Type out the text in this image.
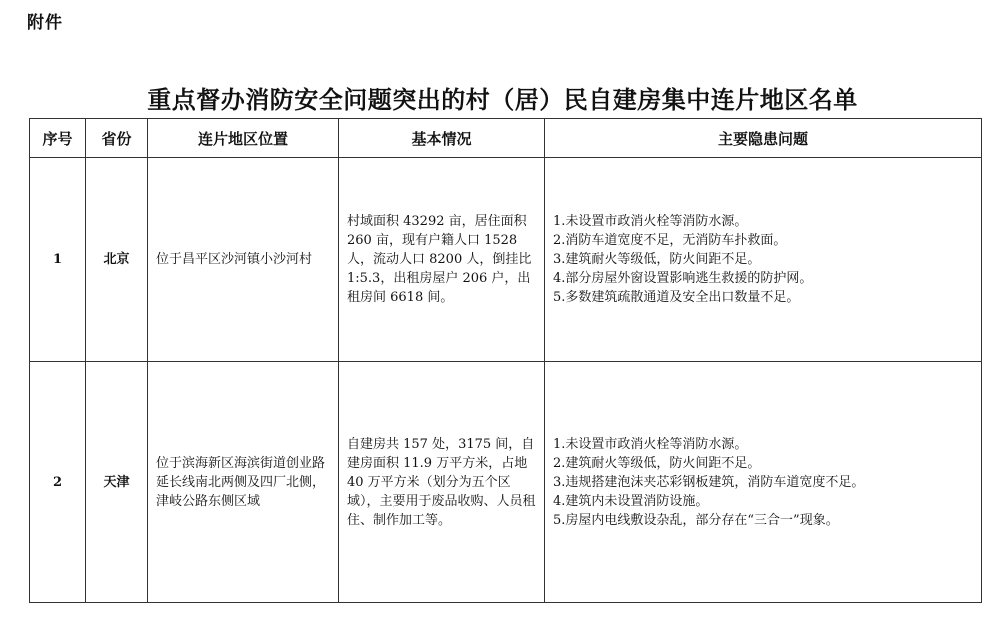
附件
重点督办消防安全问题突出的村（居）民自建房集中连片地区名单
序号	省份	连片地区位置	基本情况	主要隐患问题
1	北京	位于昌平区沙河镇小沙河村	村域面积 43292 亩，居住面积 260 亩，现有户籍人口 1528 人，流动人口 8200 人，倒挂比 1:5.3，出租房屋户 206 户，出租房间 6618 间。	1.未设置市政消火栓等消防水源。
2.消防车道宽度不足，无消防车扑救面。
3.建筑耐火等级低，防火间距不足。
4.部分房屋外窗设置影响逃生救援的防护网。
5.多数建筑疏散通道及安全出口数量不足。

2	天津	位于滨海新区海滨街道创业路延长线南北两侧及四厂北侧，津岐公路东侧区域	自建房共 157 处，3175 间，自建房面积 11.9 万平方米，占地 40 万平方米（划分为五个区域），主要用于废品收购、人员租住、制作加工等。	1.未设置市政消火栓等消防水源。
2.建筑耐火等级低，防火间距不足。
3.违规搭建泡沫夹芯彩钢板建筑，消防车道宽度不足。
4.建筑内未设置消防设施。
5.房屋内电线敷设杂乱，部分存在“三合一”现象。
